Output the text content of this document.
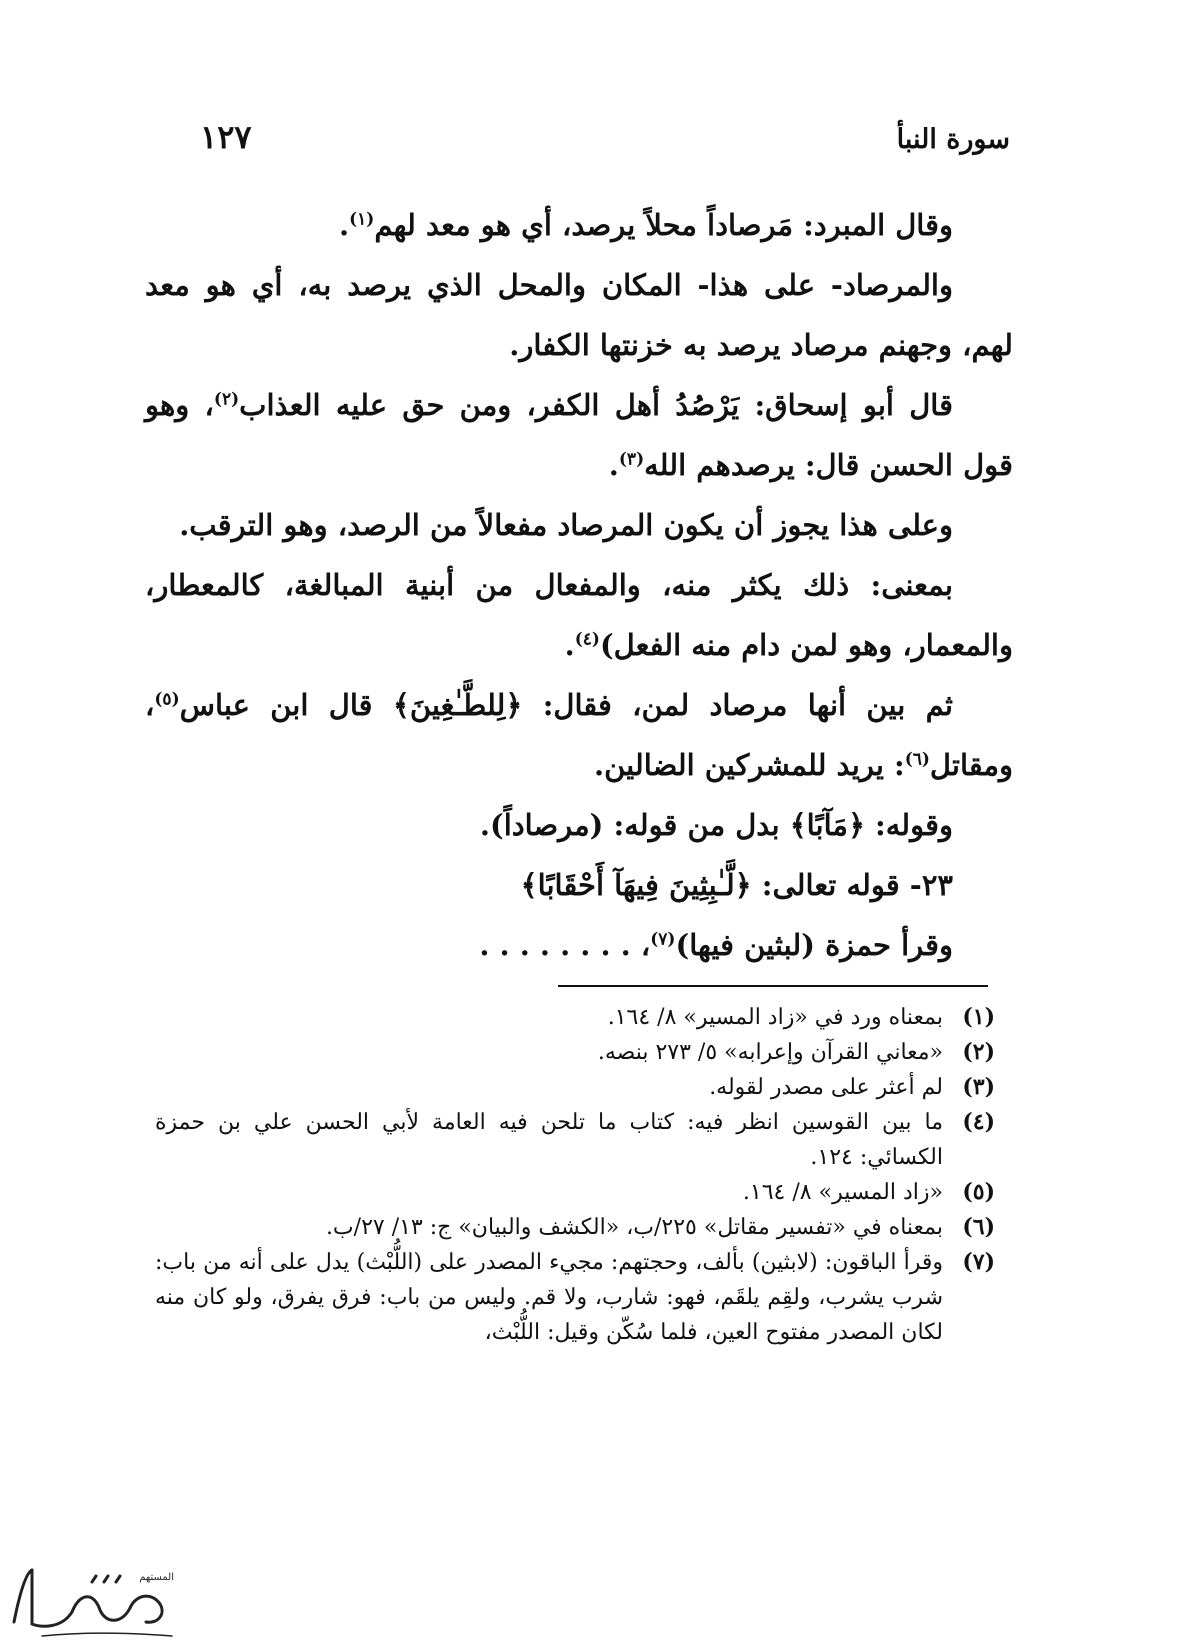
سورة النبأ
١٢٧

وقال المبرد: مَرصاداً محلاً يرصد، أي هو معد لهم$^{(١)}$.

والمرصاد- على هذا- المكان والمحل الذي يرصد به، أي هو معد لهم، وجهنم مرصاد يرصد به خزنتها الكفار.

قال أبو إسحاق: يَرْصُدُ أهل الكفر، ومن حق عليه العذاب$^{(٢)}$، وهو قول الحسن قال: يرصدهم الله$^{(٣)}$.

وعلى هذا يجوز أن يكون المرصاد مفعالاً من الرصد، وهو الترقب.

بمعنى: ذلك يكثر منه، والمفعال من أبنية المبالغة، كالمعطار، والمعمار، وهو لمن دام منه الفعل)$^{(٤)}$.

ثم بين أنها مرصاد لمن، فقال: ﴿لِلطَّـٰغِينَ﴾ قال ابن عباس$^{(٥)}$، ومقاتل$^{(٦)}$: يريد للمشركين الضالين.

وقوله: ﴿مَآبًا﴾ بدل من قوله: (مرصاداً).

٢٣- قوله تعالى: ﴿لَّـٰبِثِينَ فِيهَآ أَحْقَابًا﴾

وقرأ حمزة (لبثين فيها)$^{(٧)}$، . . . . . . . .

(١)
بمعناه ورد في «زاد المسير» ٨/ ١٦٤.

(٢)
«معاني القرآن وإعرابه» ٥/ ٢٧٣ بنصه.

(٣)
لم أعثر على مصدر لقوله.

(٤)
ما بين القوسين انظر فيه: كتاب ما تلحن فيه العامة لأبي الحسن علي بن حمزة الكسائي: ١٢٤.

(٥)
«زاد المسير» ٨/ ١٦٤.

(٦)
بمعناه في «تفسير مقاتل» ٢٢٥/ب، «الكشف والبيان» ج: ١٣/ ٢٧/ب.

(٧)
وقرأ الباقون: (لابثين) بألف، وحجتهم: مجيء المصدر على (اللُّبْث) يدل على أنه من باب: شرب يشرب، ولقِم يلقَم، فهو: شارب، ولا قم. وليس من باب: فرق يفرق، ولو كان منه لكان المصدر مفتوح العين، فلما سُكّن وقيل: اللُّبْث،

المستهم
